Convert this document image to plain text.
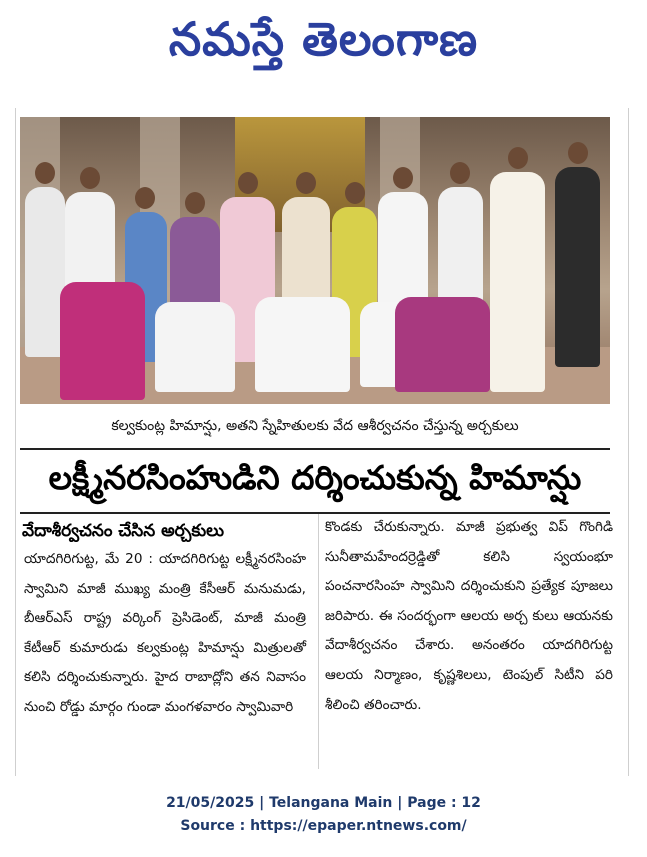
నమస్తే తెలంగాణ
కల్వకుంట్ల హిమాన్షు, అతని స్నేహితులకు వేద ఆశీర్వచనం చేస్తున్న అర్చకులు
లక్ష్మీనరసింహుడిని దర్శించుకున్న హిమాన్షు
వేదాశీర్వచనం చేసిన అర్చకులు
యాదగిరిగుట్ట, మే 20 : యాదగిరిగుట్ట లక్ష్మీనరసింహ స్వామిని మాజీ ముఖ్య మంత్రి కేసీఆర్ మనుమడు, బీఆర్ఎస్ రాష్ట్ర వర్కింగ్ ప్రెసిడెంట్, మాజీ మంత్రి కేటీఆర్ కుమారుడు కల్వకుంట్ల హిమాన్షు మిత్రులతో కలిసి దర్శించుకున్నారు. హైద రాబాద్లోని తన నివాసం నుంచి రోడ్డు మార్గం గుండా మంగళవారం స్వామివారి
కొండకు చేరుకున్నారు. మాజీ ప్రభుత్వ విప్ గొంగిడి సునీతామహేందర్రెడ్డితో కలిసి స్వయంభూ పంచనారసింహ స్వామిని దర్శించుకుని ప్రత్యేక పూజలు జరిపారు. ఈ సందర్భంగా ఆలయ అర్చ కులు ఆయనకు వేదాశీర్వచనం చేశారు. అనంతరం యాదగిరిగుట్ట ఆలయ నిర్మాణం, కృష్ణశిలలు, టెంపుల్ సిటీని పరి శీలించి తరించారు.
21/05/2025 | Telangana Main | Page : 12
Source : https://epaper.ntnews.com/
